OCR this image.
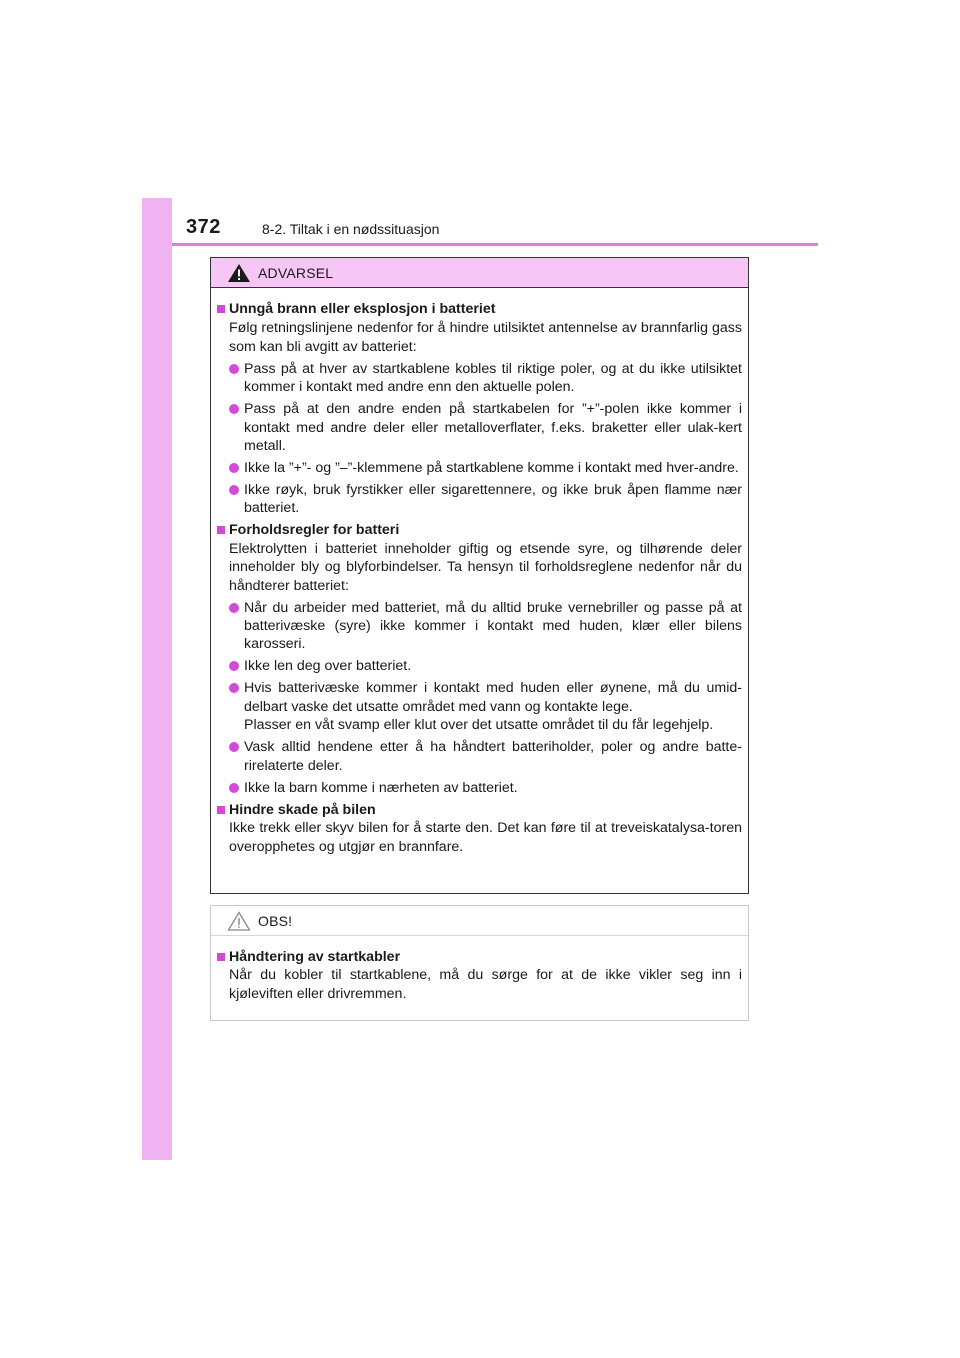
372	8-2. Tiltak i en nødssituasjon
ADVARSEL
Unngå brann eller eksplosjon i batteriet
Følg retningslinjene nedenfor for å hindre utilsiktet antennelse av brannfarlig gass som kan bli avgitt av batteriet:
Pass på at hver av startkablene kobles til riktige poler, og at du ikke utilsiktet kommer i kontakt med andre enn den aktuelle polen.
Pass på at den andre enden på startkabelen for ”+”-polen ikke kommer i kontakt med andre deler eller metalloverflater, f.eks. braketter eller ulak-kert metall.
Ikke la ”+”- og ”–”-klemmene på startkablene komme i kontakt med hver-andre.
Ikke røyk, bruk fyrstikker eller sigarettennere, og ikke bruk åpen flamme nær batteriet.
Forholdsregler for batteri
Elektrolytten i batteriet inneholder giftig og etsende syre, og tilhørende deler inneholder bly og blyforbindelser. Ta hensyn til forholdsreglene nedenfor når du håndterer batteriet:
Når du arbeider med batteriet, må du alltid bruke vernebriller og passe på at batterivæske (syre) ikke kommer i kontakt med huden, klær eller bilens karosseri.
Ikke len deg over batteriet.
Hvis batterivæske kommer i kontakt med huden eller øynene, må du umid-delbart vaske det utsatte området med vann og kontakte lege.
Plasser en våt svamp eller klut over det utsatte området til du får legehjelp.
Vask alltid hendene etter å ha håndtert batteriholder, poler og andre batte-rirelaterte deler.
Ikke la barn komme i nærheten av batteriet.
Hindre skade på bilen
Ikke trekk eller skyv bilen for å starte den. Det kan føre til at treveiskatalysa-toren overopphetes og utgjør en brannfare.
OBS!
Håndtering av startkabler
Når du kobler til startkablene, må du sørge for at de ikke vikler seg inn i kjøleviften eller drivremmen.
